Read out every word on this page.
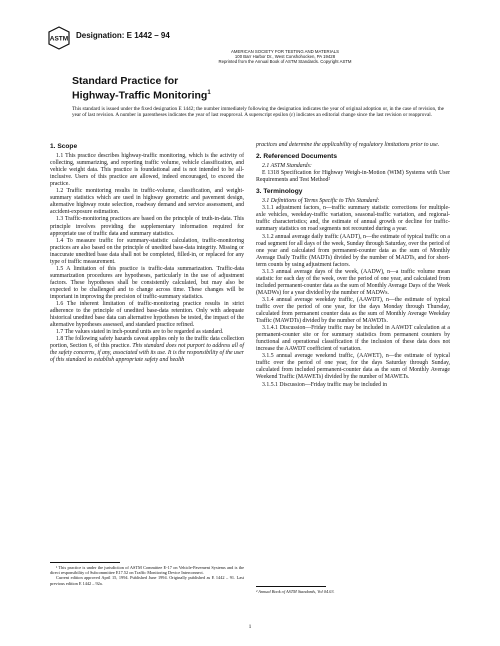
ASTM Designation: E 1442 – 94
AMERICAN SOCIETY FOR TESTING AND MATERIALS
100 Barr Harbor Dr., West Conshohocken, PA 19428
Reprinted from the Annual Book of ASTM Standards. Copyright ASTM
Standard Practice for
Highway-Traffic Monitoring$^1$
This standard is issued under the fixed designation E 1442; the number immediately following the designation indicates the year of original adoption or, in the case of revision, the year of last revision. A number in parentheses indicates the year of last reapproval. A superscript epsilon (ε) indicates an editorial change since the last revision or reapproval.
1. Scope

1.1 This practice describes highway-traffic monitoring, which is the activity of collecting, summarizing, and reporting traffic volume, vehicle classification, and vehicle weight data. This practice is foundational and is not intended to be all-inclusive. Users of this practice are allowed, indeed encouraged, to exceed the practice.

1.2 Traffic monitoring results in traffic-volume, classification, and weight-summary statistics which are used in highway geometric and pavement design, alternative highway route selection, roadway demand and service assessment, and accident-exposure estimation.

1.3 Traffic-monitoring practices are based on the principle of truth-in-data. This principle involves providing the supplementary information required for appropriate use of traffic data and summary statistics.

1.4 To measure traffic for summary-statistic calculation, traffic-monitoring practices are also based on the principle of unedited base-data integrity. Missing or inaccurate unedited base data shall not be completed, filled-in, or replaced for any type of traffic measurement.

1.5 A limitation of this practice is traffic-data summarization. Traffic-data summarization procedures are hypotheses, particularly in the use of adjustment factors. These hypotheses shall be consistently calculated, but may also be expected to be challenged and to change across time. These changes will be important in improving the precision of traffic-summary statistics.

1.6 The inherent limitation of traffic-monitoring practice results in strict adherence to the principle of unedited base-data retention. Only with adequate historical unedited base data can alternative hypotheses be tested, the impact of the alternative hypotheses assessed, and standard practice refined.

1.7 The values stated in inch-pound units are to be regarded as standard.

1.8 The following safety hazards caveat applies only to the traffic data collection portion, Section 6, of this practice. This standard does not purport to address all of the safety concerns, if any, associated with its use. It is the responsibility of the user of this standard to establish appropriate safety and health

¹ This practice is under the jurisdiction of ASTM Committee E-17 on Vehicle-Pavement Systems and is the direct responsibility of Subcommittee E17.52 on Traffic Monitoring Device Interconnect.
Current edition approved April 15, 1994. Published June 1994. Originally published as E 1442 – 91. Last previous edition E 1442 – 92a.

practices and determine the applicability of regulatory limitations prior to use.

2. Referenced Documents

2.1 ASTM Standards:

E 1318 Specification for Highway Weigh-in-Motion (WIM) Systems with User Requirements and Test Method²

3. Terminology

3.1 Definitions of Terms Specific to This Standard:

3.1.1 adjustment factors, n—traffic summary statistic corrections for multiple-axle vehicles, weekday-traffic variation, seasonal-traffic variation, and regional-traffic characteristics; and, the estimate of annual growth or decline for traffic-summary statistics on road segments not recounted during a year.

3.1.2 annual average daily traffic (AADT), n—the estimate of typical traffic on a road segment for all days of the week, Sunday through Saturday, over the period of one year and calculated from permanent-counter data as the sum of Monthly Average Daily Traffic (MADTs) divided by the number of MADTs, and for short-term counts by using adjustment factors.

3.1.3 annual average days of the week, (AADW), n—a traffic volume mean statistic for each day of the week, over the period of one year, and calculated from included permanent-counter data as the sum of Monthly Average Days of the Week (MADWs) for a year divided by the number of MADWs.

3.1.4 annual average weekday traffic, (AAWDT), n—the estimate of typical traffic over the period of one year, for the days Monday through Thursday, calculated from permanent counter data as the sum of Monthly Average Weekday Traffic (MAWDTs) divided by the number of MAWDTs.

3.1.4.1 Discussion—Friday traffic may be included in AAWDT calculation at a permanent-counter site or for summary statistics from permanent counters by functional and operational classification if the inclusion of these data does not increase the AAWDT coefficient of variation.

3.1.5 annual average weekend traffic, (AAWET), n—the estimate of typical traffic over the period of one year, for the days Saturday through Sunday, calculated from included permanent-counter data as the sum of Monthly Average Weekend Traffic (MAWETs) divided by the number of MAWETs.

3.1.5.1 Discussion—Friday traffic may be included in

² Annual Book of ASTM Standards, Vol 04.03.
1
